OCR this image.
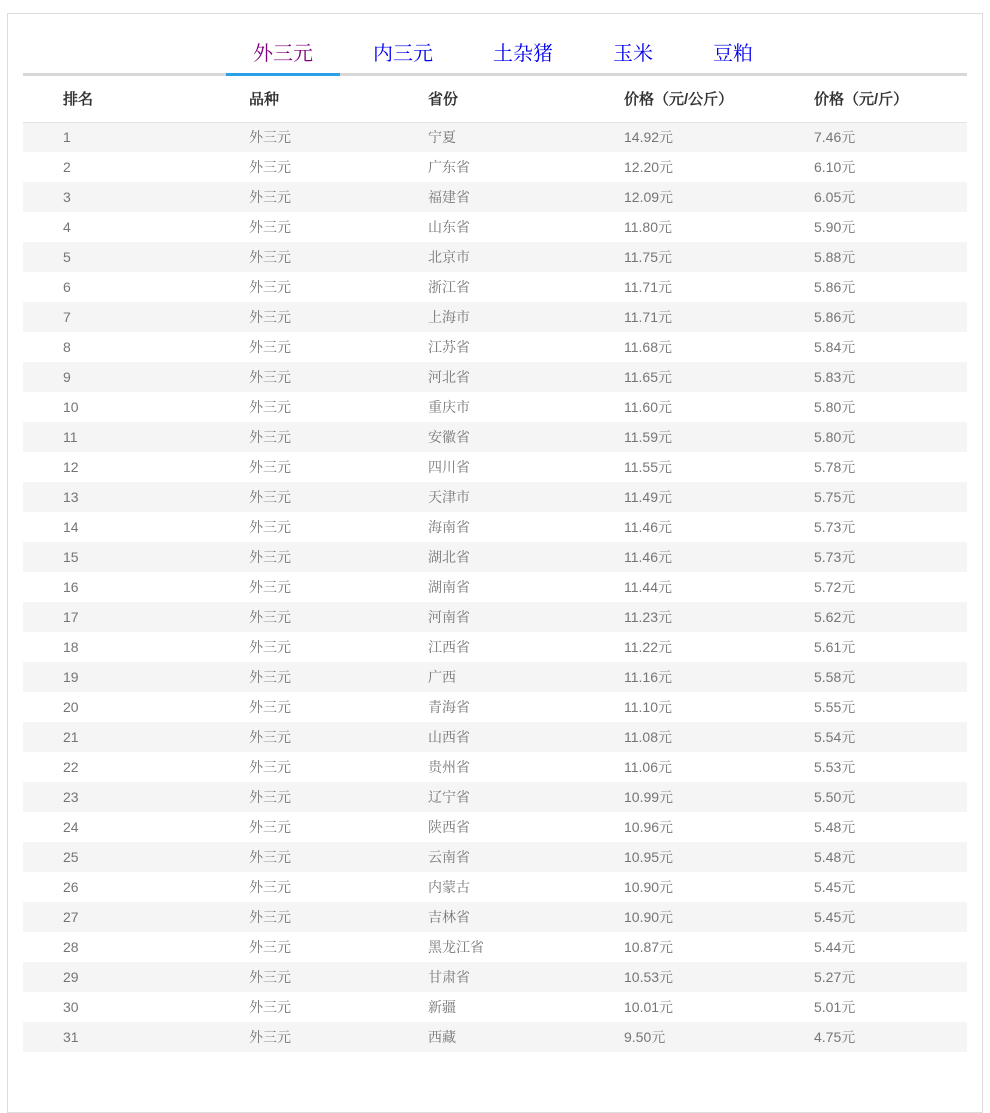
外三元	内三元	土杂猪	玉米	豆粕
排名	品种	省份	价格（元/公斤）	价格（元/斤）
1	外三元	宁夏	14.92元	7.46元
2	外三元	广东省	12.20元	6.10元
3	外三元	福建省	12.09元	6.05元
4	外三元	山东省	11.80元	5.90元
5	外三元	北京市	11.75元	5.88元
6	外三元	浙江省	11.71元	5.86元
7	外三元	上海市	11.71元	5.86元
8	外三元	江苏省	11.68元	5.84元
9	外三元	河北省	11.65元	5.83元
10	外三元	重庆市	11.60元	5.80元
11	外三元	安徽省	11.59元	5.80元
12	外三元	四川省	11.55元	5.78元
13	外三元	天津市	11.49元	5.75元
14	外三元	海南省	11.46元	5.73元
15	外三元	湖北省	11.46元	5.73元
16	外三元	湖南省	11.44元	5.72元
17	外三元	河南省	11.23元	5.62元
18	外三元	江西省	11.22元	5.61元
19	外三元	广西	11.16元	5.58元
20	外三元	青海省	11.10元	5.55元
21	外三元	山西省	11.08元	5.54元
22	外三元	贵州省	11.06元	5.53元
23	外三元	辽宁省	10.99元	5.50元
24	外三元	陕西省	10.96元	5.48元
25	外三元	云南省	10.95元	5.48元
26	外三元	内蒙古	10.90元	5.45元
27	外三元	吉林省	10.90元	5.45元
28	外三元	黑龙江省	10.87元	5.44元
29	外三元	甘肃省	10.53元	5.27元
30	外三元	新疆	10.01元	5.01元
31	外三元	西藏	9.50元	4.75元
